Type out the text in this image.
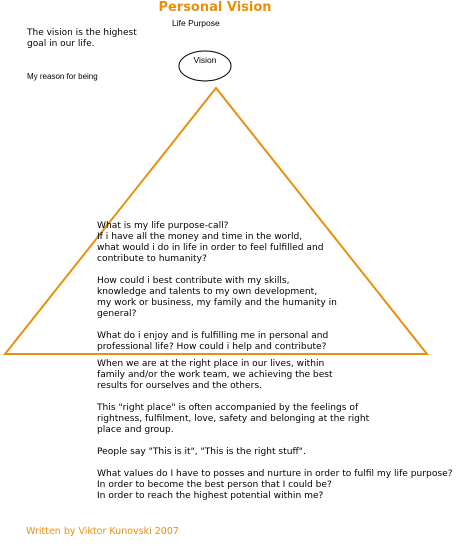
Personal Vision
Life Purpose
The vision is the highest goal in our life.
My reason for being
Vision
What is my life purpose-call?
If i have all the money and time in the world,
what would i do in life in order to feel fulfilled and
contribute to humanity?
How could i best contribute with my skills,
knowledge and talents to my own development,
my work or business, my family and the humanity in
general?
What do i enjoy and is fulfilling me in personal and
professional life? How could i help and contribute?
When we are at the right place in our lives, within
family and/or the work team, we achieving the best
results for ourselves and the others.
This "right place" is often accompanied by the feelings of
rightness, fulfilment, love, safety and belonging at the right
place and group.
People say "This is it", "This is the right stuff".
What values do I have to posses and nurture in order to fulfil my life purpose?
In order to become the best person that I could be?
In order to reach the highest potential within me?
Written by Viktor Kunovski 2007
